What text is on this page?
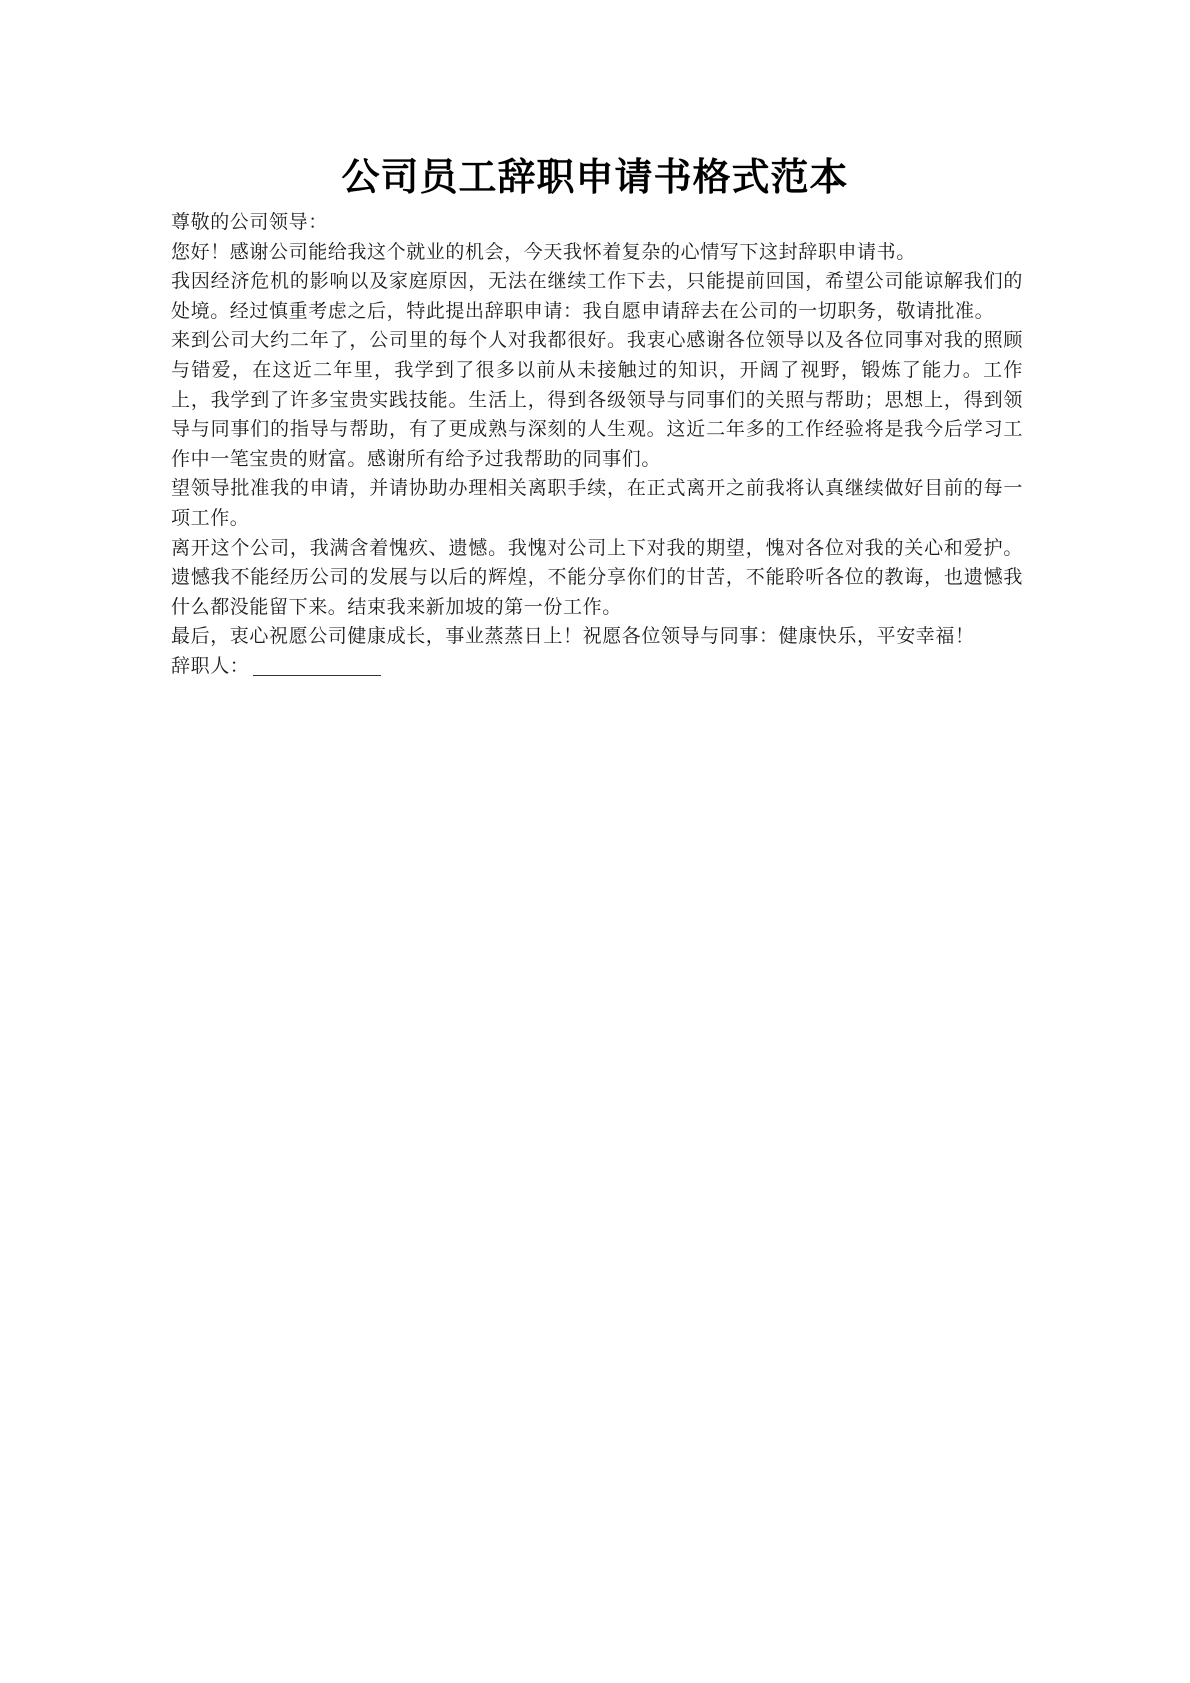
公司员工辞职申请书格式范本

尊敬的公司领导：

您好！感谢公司能给我这个就业的机会，今天我怀着复杂的心情写下这封辞职申请书。

我因经济危机的影响以及家庭原因，无法在继续工作下去，只能提前回国，希望公司能谅解我们的处境。经过慎重考虑之后，特此提出辞职申请：我自愿申请辞去在公司的一切职务，敬请批准。

来到公司大约二年了，公司里的每个人对我都很好。我衷心感谢各位领导以及各位同事对我的照顾与错爱，在这近二年里，我学到了很多以前从未接触过的知识，开阔了视野，锻炼了能力。工作上，我学到了许多宝贵实践技能。生活上，得到各级领导与同事们的关照与帮助；思想上，得到领导与同事们的指导与帮助，有了更成熟与深刻的人生观。这近二年多的工作经验将是我今后学习工作中一笔宝贵的财富。感谢所有给予过我帮助的同事们。

望领导批准我的申请，并请协助办理相关离职手续，在正式离开之前我将认真继续做好目前的每一项工作。

离开这个公司，我满含着愧疚、遗憾。我愧对公司上下对我的期望，愧对各位对我的关心和爱护。遗憾我不能经历公司的发展与以后的辉煌，不能分享你们的甘苦，不能聆听各位的教诲，也遗憾我什么都没能留下来。结束我来新加坡的第一份工作。

最后，衷心祝愿公司健康成长，事业蒸蒸日上！祝愿各位领导与同事：健康快乐，平安幸福！

辞职人：
